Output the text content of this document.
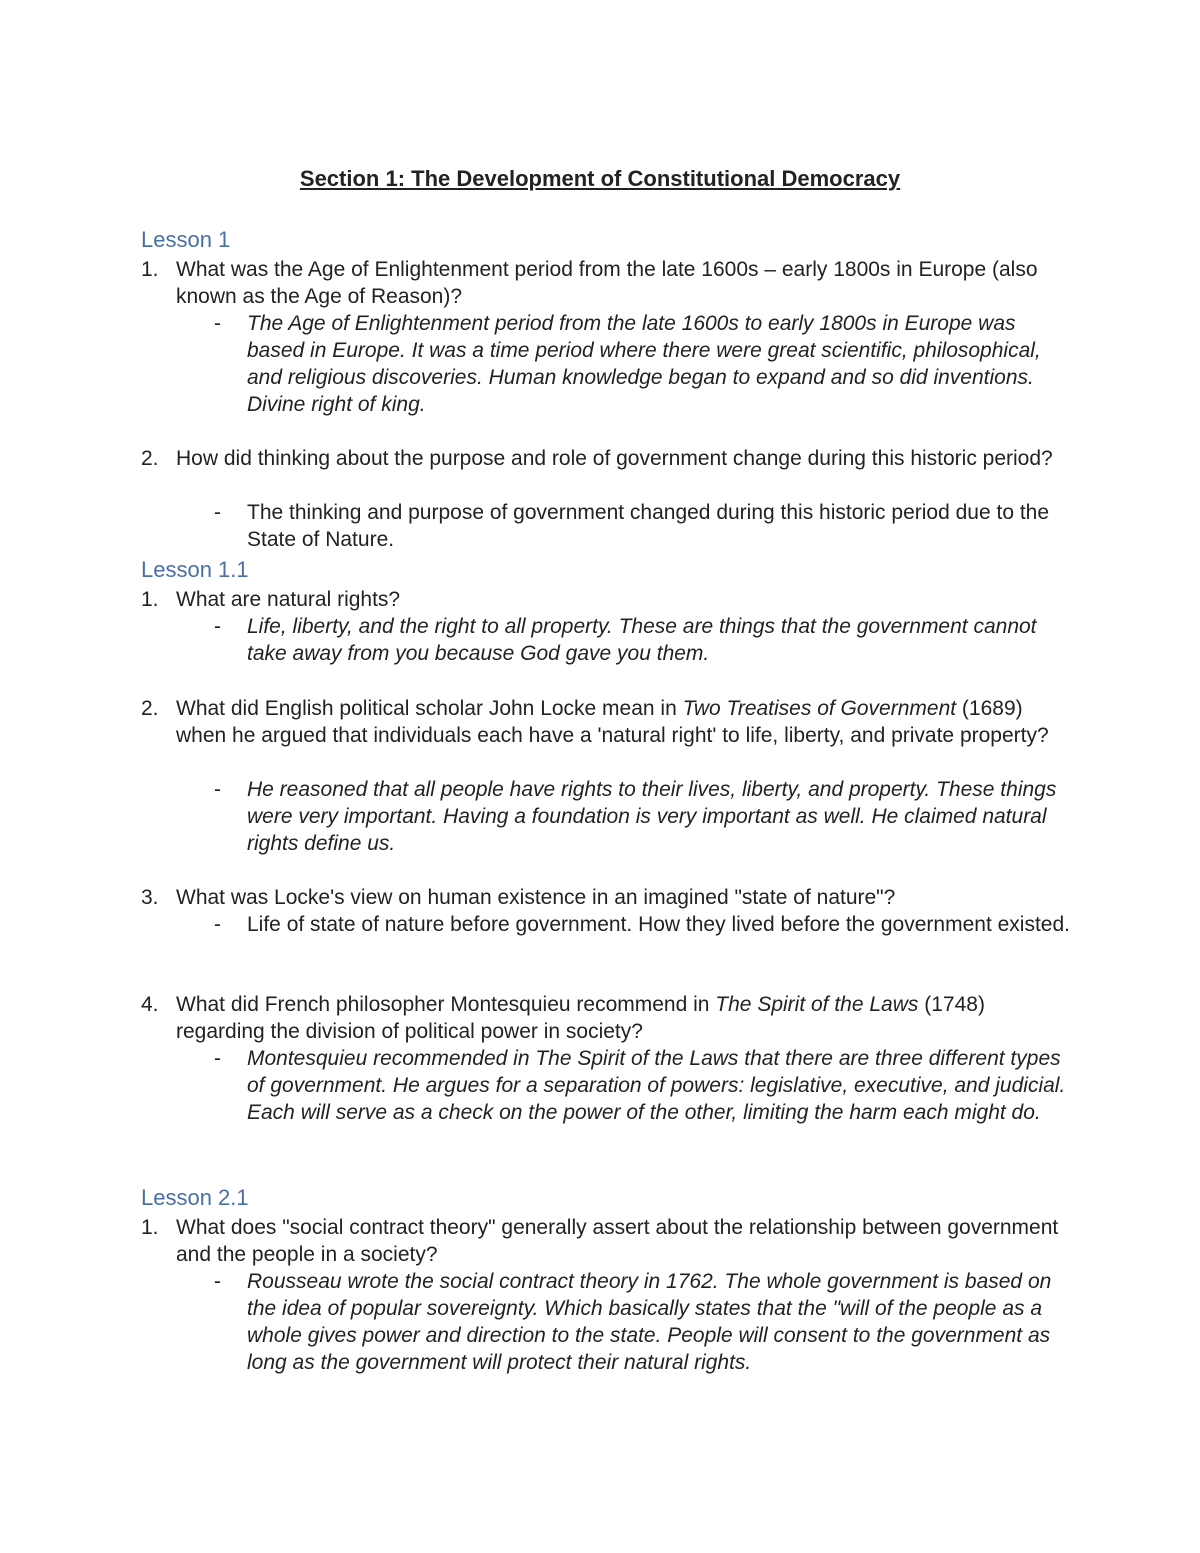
Section 1: The Development of Constitutional Democracy
Lesson 1
1. What was the Age of Enlightenment period from the late 1600s – early 1800s in Europe (also known as the Age of Reason)?
- The Age of Enlightenment period from the late 1600s to early 1800s in Europe was based in Europe. It was a time period where there were great scientific, philosophical, and religious discoveries. Human knowledge began to expand and so did inventions. Divine right of king.
2. How did thinking about the purpose and role of government change during this historic period?
- The thinking and purpose of government changed during this historic period due to the State of Nature.
Lesson 1.1
1. What are natural rights?
- Life, liberty, and the right to all property. These are things that the government cannot take away from you because God gave you them.
2. What did English political scholar John Locke mean in Two Treatises of Government (1689) when he argued that individuals each have a 'natural right' to life, liberty, and private property?
- He reasoned that all people have rights to their lives, liberty, and property. These things were very important. Having a foundation is very important as well. He claimed natural rights define us.
3. What was Locke's view on human existence in an imagined "state of nature"?
- Life of state of nature before government. How they lived before the government existed.
4. What did French philosopher Montesquieu recommend in The Spirit of the Laws (1748) regarding the division of political power in society?
- Montesquieu recommended in The Spirit of the Laws that there are three different types of government. He argues for a separation of powers: legislative, executive, and judicial. Each will serve as a check on the power of the other, limiting the harm each might do.
Lesson 2.1
1. What does "social contract theory" generally assert about the relationship between government and the people in a society?
- Rousseau wrote the social contract theory in 1762. The whole government is based on the idea of popular sovereignty. Which basically states that the "will of the people as a whole gives power and direction to the state. People will consent to the government as long as the government will protect their natural rights.
